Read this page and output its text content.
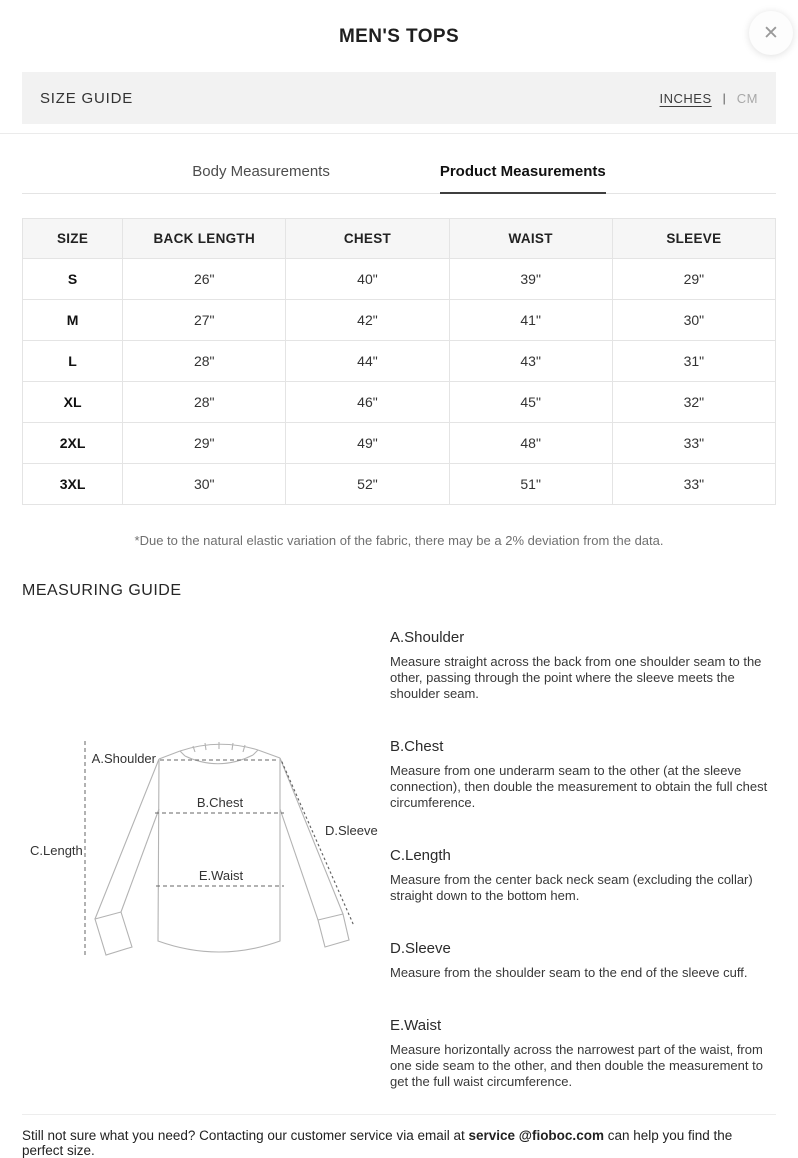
MEN'S TOPS	✕
SIZE GUIDE	INCHES | CM
Body Measurements	Product Measurements
SIZE	BACK LENGTH	CHEST	WAIST	SLEEVE
S	26"	40"	39"	29"
M	27"	42"	41"	30"
L	28"	44"	43"	31"
XL	28"	46"	45"	32"
2XL	29"	49"	48"	33"
3XL	30"	52"	51"	33"

*Due to the natural elastic variation of the fabric, there may be a 2% deviation from the data.

MEASURING GUIDE
A.Shoulder
B.Chest
C.Length
E.Waist
D.Sleeve
A.Shoulder

Measure straight across the back from one shoulder seam to the other, passing through the point where the sleeve meets the shoulder seam.

B.Chest

Measure from one underarm seam to the other (at the sleeve connection), then double the measurement to obtain the full chest circumference.

C.Length

Measure from the center back neck seam (excluding the collar) straight down to the bottom hem.

D.Sleeve

Measure from the shoulder seam to the end of the sleeve cuff.

E.Waist

Measure horizontally across the narrowest part of the waist, from one side seam to the other, and then double the measurement to get the full waist circumference.

Still not sure what you need? Contacting our customer service via email at service @fioboc.com can help you find the perfect size.
